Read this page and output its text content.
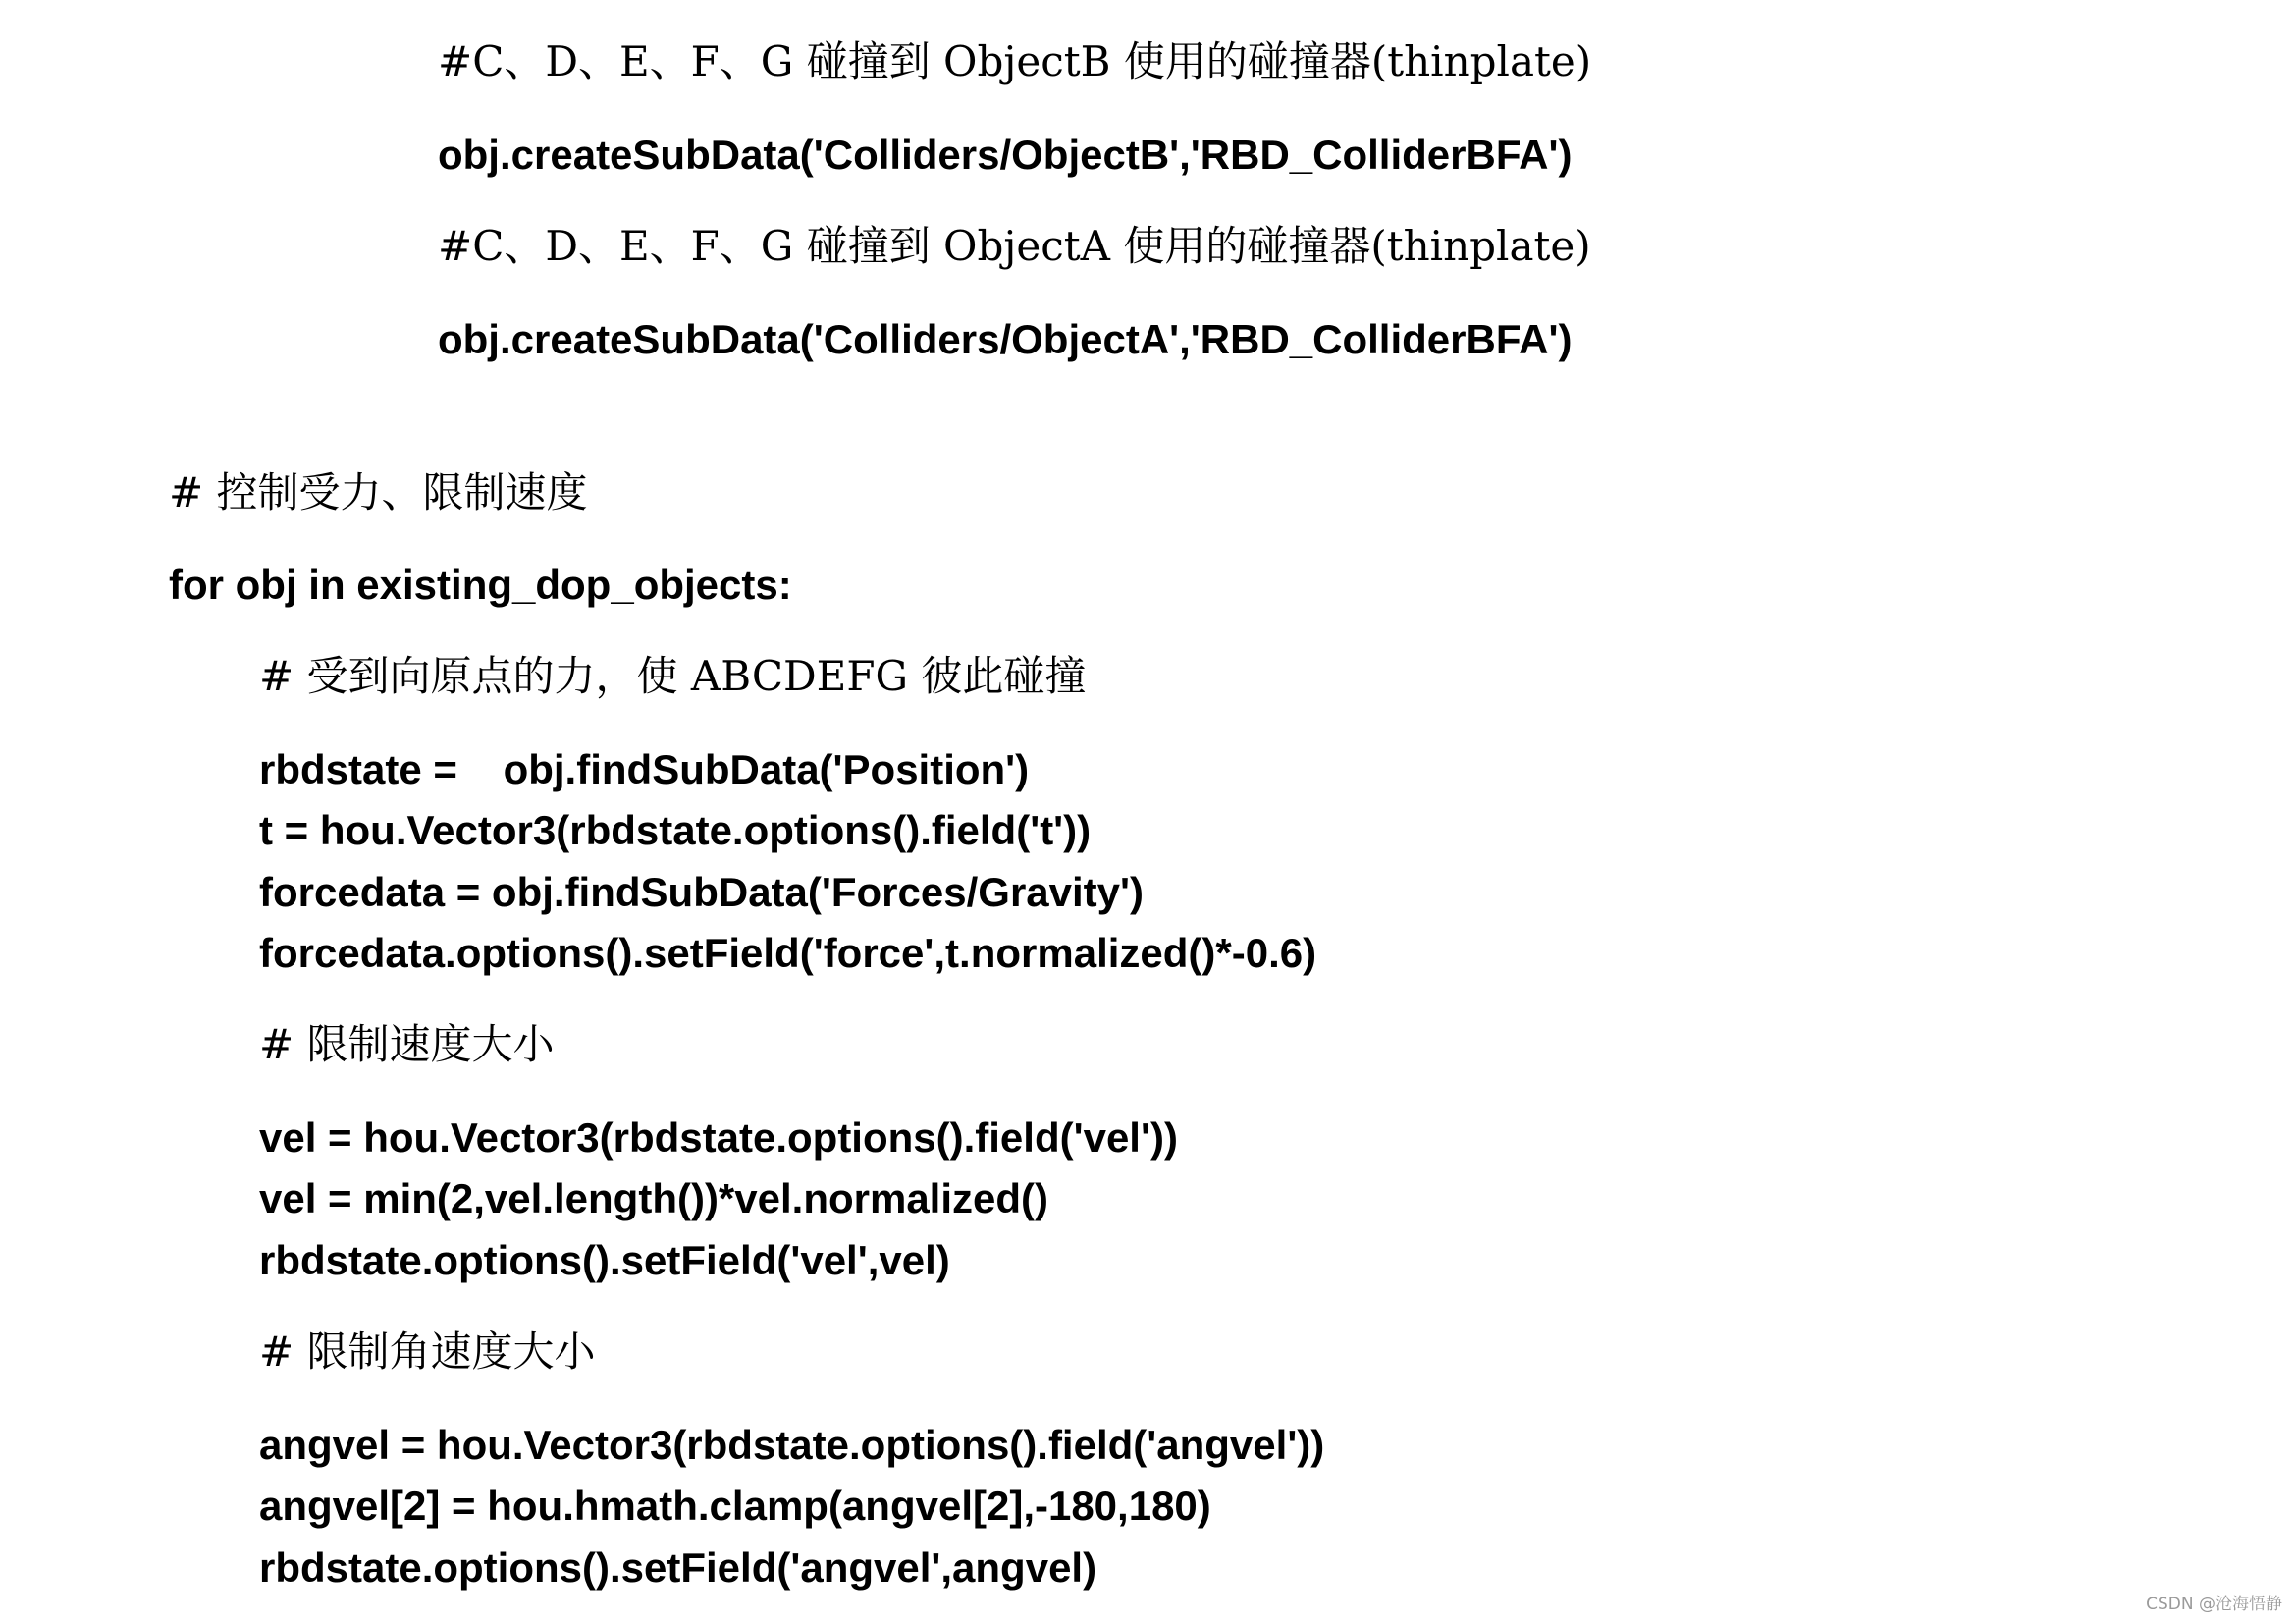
#C、D、E、F、G 碰撞到 ObjectB 使用的碰撞器(thinplate)
obj.createSubData('Colliders/ObjectB','RBD_ColliderBFA')
#C、D、E、F、G 碰撞到 ObjectA 使用的碰撞器(thinplate)
obj.createSubData('Colliders/ObjectA','RBD_ColliderBFA')
# 控制受力、限制速度
for obj in existing_dop_objects:
# 受到向原点的力，使 ABCDEFG 彼此碰撞
rbdstate =    obj.findSubData('Position')
t = hou.Vector3(rbdstate.options().field('t'))
forcedata = obj.findSubData('Forces/Gravity')
forcedata.options().setField('force',t.normalized()*-0.6)
# 限制速度大小
vel = hou.Vector3(rbdstate.options().field('vel'))
vel = min(2,vel.length())*vel.normalized()
rbdstate.options().setField('vel',vel)
# 限制角速度大小
angvel = hou.Vector3(rbdstate.options().field('angvel'))
angvel[2] = hou.hmath.clamp(angvel[2],-180,180)
rbdstate.options().setField('angvel',angvel)
CSDN @沧海悟静
